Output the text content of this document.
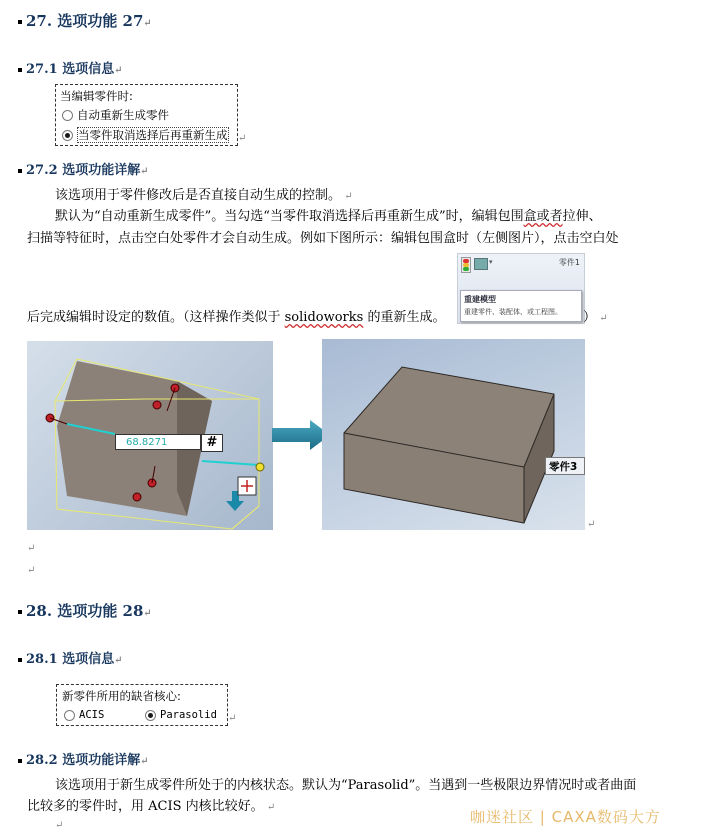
27. 选项功能 27↵
27.1 选项信息↵
当编辑零件时:
自动重新生成零件
当零件取消选择后再重新生成 ↵
27.2 选项功能详解↵
该选项用于零件修改后是否直接自动生成的控制。 ↵
默认为“自动重新生成零件”。当勾选“当零件取消选择后再重新生成”时，编辑包围盒或者拉伸、
扫描等特征时，点击空白处零件才会自动生成。例如下图所示：编辑包围盒时（左侧图片），点击空白处
▾	零件1
重建模型
重建零件、装配体、或工程图。
后完成编辑时设定的数值。（这样操作类似于 solidoworks 的重新生成。	） ↵
68.8271	#
零件3
↵
↵
↵
28. 选项功能 28↵
28.1 选项信息↵
新零件所用的缺省核心:
ACIS	Parasolid ↵
28.2 选项功能详解↵
该选项用于新生成零件所处于的内核状态。默认为“Parasolid”。当遇到一些极限边界情况时或者曲面
比较多的零件时，用 ACIS 内核比较好。 ↵
↵	咖迷社区 | CAXA数码大方
